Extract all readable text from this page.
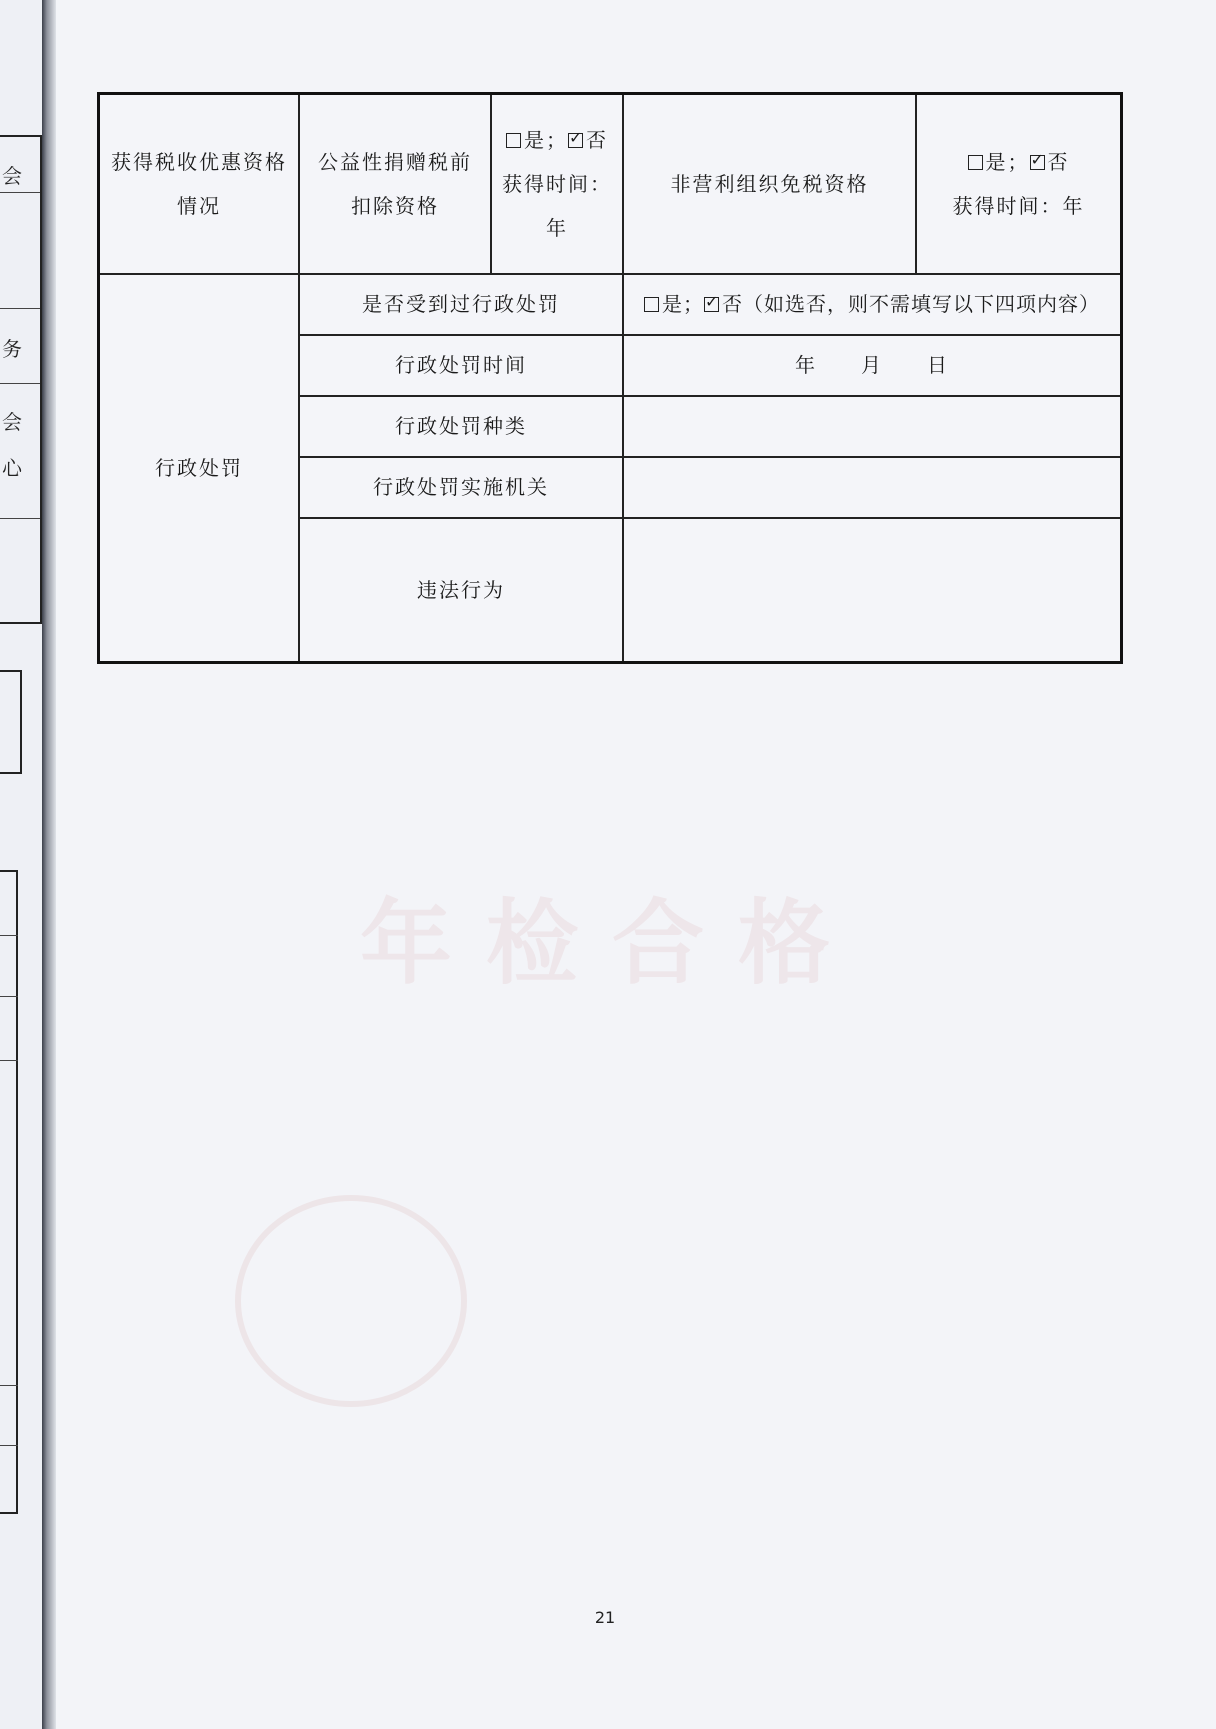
会
务
会
心
年检合格
获得税收优惠资格
情况
公益性捐赠税前
扣除资格
是； ✓ 否
获得时间：
年
非营利组织免税资格
是； ✓ 否
获得时间：年
行政处罚
是否受到过行政处罚	是； ✓ 否（如选否，则不需填写以下四项内容）
行政处罚时间	年　　月　　日
行政处罚种类
行政处罚实施机关
违法行为
21
